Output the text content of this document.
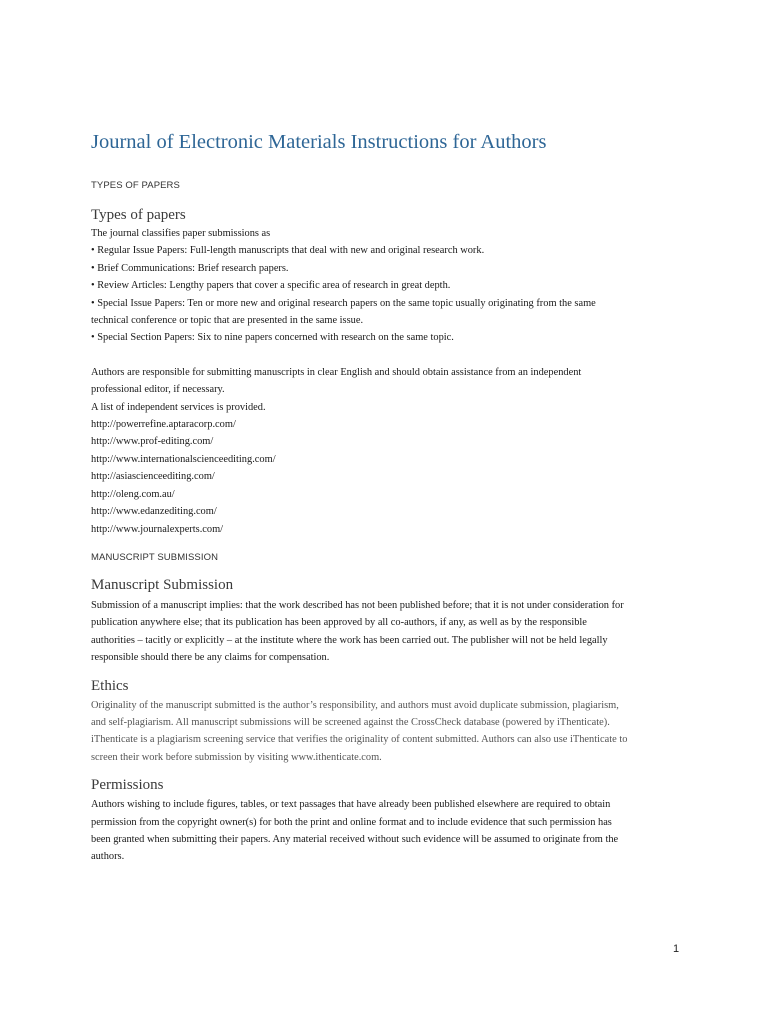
Journal of Electronic Materials Instructions for Authors

TYPES OF PAPERS

Types of papers

The journal classifies paper submissions as

• Regular Issue Papers: Full-length manuscripts that deal with new and original research work.

• Brief Communications: Brief research papers.

• Review Articles: Lengthy papers that cover a specific area of research in great depth.

• Special Issue Papers: Ten or more new and original research papers on the same topic usually originating from the same

technical conference or topic that are presented in the same issue.

• Special Section Papers: Six to nine papers concerned with research on the same topic.

Authors are responsible for submitting manuscripts in clear English and should obtain assistance from an independent

professional editor, if necessary.

A list of independent services is provided.

http://powerrefine.aptaracorp.com/

http://www.prof-editing.com/

http://www.internationalscienceediting.com/

http://asiascienceediting.com/

http://oleng.com.au/

http://www.edanzediting.com/

http://www.journalexperts.com/

MANUSCRIPT SUBMISSION

Manuscript Submission

Submission of a manuscript implies: that the work described has not been published before; that it is not under consideration for

publication anywhere else; that its publication has been approved by all co-authors, if any, as well as by the responsible

authorities – tacitly or explicitly – at the institute where the work has been carried out. The publisher will not be held legally

responsible should there be any claims for compensation.

Ethics

Originality of the manuscript submitted is the author’s responsibility, and authors must avoid duplicate submission, plagiarism,

and self-plagiarism. All manuscript submissions will be screened against the CrossCheck database (powered by iThenticate).

iThenticate is a plagiarism screening service that verifies the originality of content submitted. Authors can also use iThenticate to

screen their work before submission by visiting www.ithenticate.com.

Permissions

Authors wishing to include figures, tables, or text passages that have already been published elsewhere are required to obtain

permission from the copyright owner(s) for both the print and online format and to include evidence that such permission has

been granted when submitting their papers. Any material received without such evidence will be assumed to originate from the

authors.

1
